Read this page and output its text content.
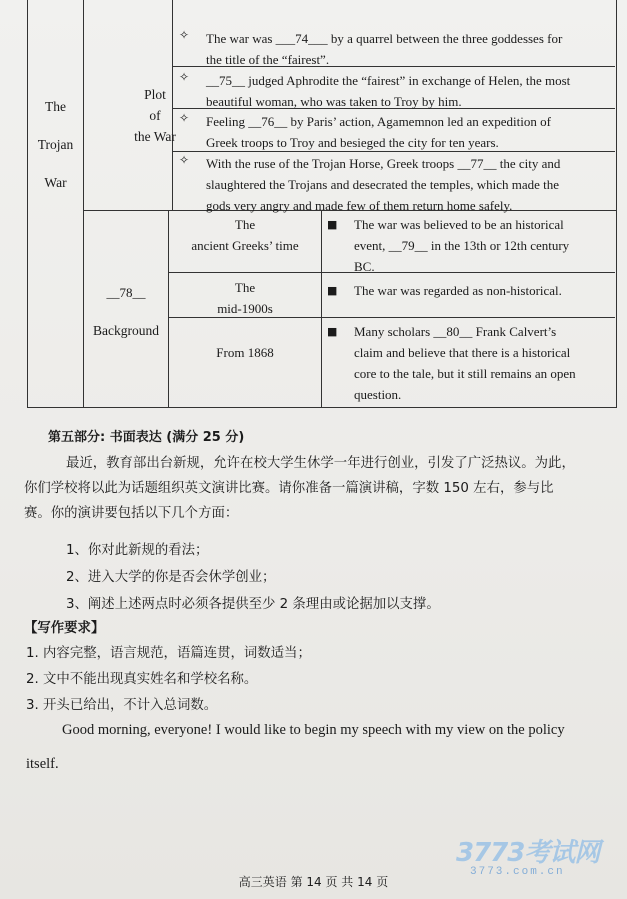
The
Trojan
War
Plot
of
the War
✧ The war was ___74___ by a quarrel between the three goddesses for
the title of the “fairest”.
✧ __75__ judged Aphrodite the “fairest” in exchange of Helen, the most
beautiful woman, who was taken to Troy by him.
✧ Feeling __76__ by Paris’ action, Agamemnon led an expedition of
Greek troops to Troy and besieged the city for ten years.
✧ With the ruse of the Trojan Horse, Greek troops __77__ the city and
slaughtered the Trojans and desecrated the temples, which made the
gods very angry and made few of them return home safely.
__78__
Background
The
ancient Greeks’ time
The
mid-1900s
From 1868
■ The war was believed to be an historical
event, __79__ in the 13th or 12th century
BC.
■ The war was regarded as non-historical.
■ Many scholars __80__ Frank Calvert’s
claim and believe that there is a historical
core to the tale, but it still remains an open
question.
第五部分: 书面表达 (满分 25 分)
最近，教育部出台新规，允许在校大学生休学一年进行创业，引发了广泛热议。为此，
你们学校将以此为话题组织英文演讲比赛。请你准备一篇演讲稿，字数 150 左右，参与比
赛。你的演讲要包括以下几个方面：
1、你对此新规的看法；
2、进入大学的你是否会休学创业；
3、阐述上述两点时必须各提供至少 2 条理由或论据加以支撑。
【写作要求】
1. 内容完整，语言规范，语篇连贯，词数适当；
2. 文中不能出现真实姓名和学校名称。
3. 开头已给出，不计入总词数。
Good morning, everyone! I would like to begin my speech with my view on the policy
itself.
3773考试网
3773.com.cn
高三英语 第 14 页 共 14 页
